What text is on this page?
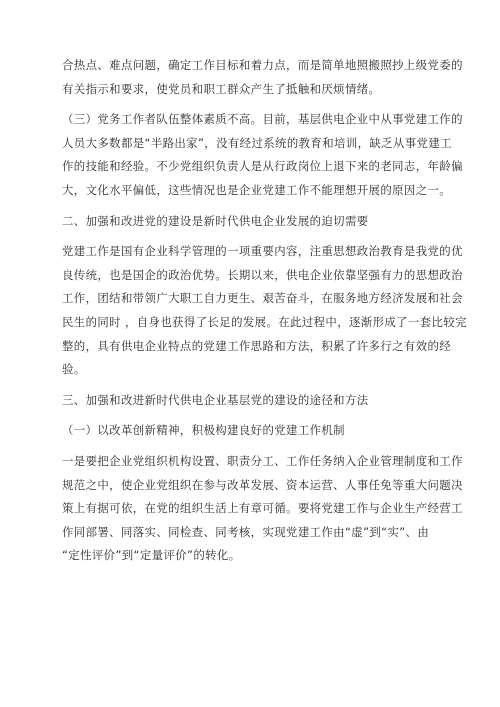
合热点、难点问题，确定工作目标和着力点，而是简单地照搬照抄上级党委的
有关指示和要求，使党员和职工群众产生了抵触和厌烦情绪。

（三）党务工作者队伍整体素质不高。目前，基层供电企业中从事党建工作的
人员大多数都是“半路出家”，没有经过系统的教育和培训，缺乏从事党建工
作的技能和经验。不少党组织负责人是从行政岗位上退下来的老同志，年龄偏
大，文化水平偏低，这些情况也是企业党建工作不能理想开展的原因之一。

二、加强和改进党的建设是新时代供电企业发展的迫切需要

党建工作是国有企业科学管理的一项重要内容，注重思想政治教育是我党的优
良传统，也是国企的政治优势。长期以来，供电企业依靠坚强有力的思想政治
工作，团结和带领广大职工自力更生、艰苦奋斗，在服务地方经济发展和社会
民生的同时 ，自身也获得了长足的发展。在此过程中，逐渐形成了一套比较完
整的，具有供电企业特点的党建工作思路和方法，积累了许多行之有效的经
验。

三、加强和改进新时代供电企业基层党的建设的途径和方法

（一）以改革创新精神，积极构建良好的党建工作机制

一是要把企业党组织机构设置、职责分工、工作任务纳入企业管理制度和工作
规范之中，使企业党组织在参与改革发展、资本运营、人事任免等重大问题决
策上有据可依，在党的组织生活上有章可循。要将党建工作与企业生产经营工
作同部署、同落实、同检查、同考核，实现党建工作由“虚”到“实”、由
“定性评价”到“定量评价”的转化。
